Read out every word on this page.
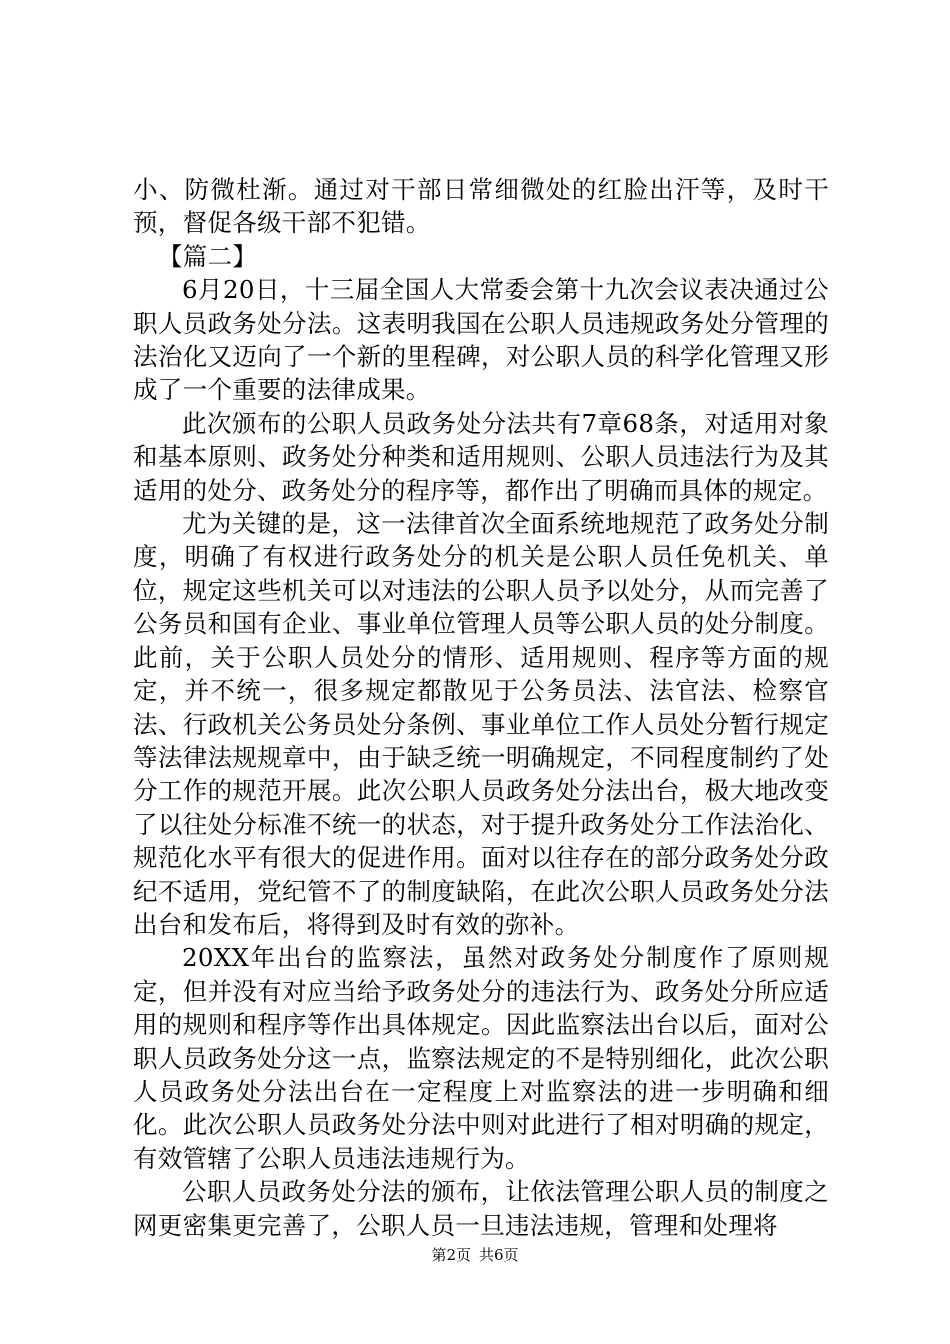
小、防微杜渐。通过对干部日常细微处的红脸出汗等，及时干预，督促各级干部不犯错。

【篇二】

6月20日，十三届全国人大常委会第十九次会议表决通过公职人员政务处分法。这表明我国在公职人员违规政务处分管理的法治化又迈向了一个新的里程碑，对公职人员的科学化管理又形成了一个重要的法律成果。

此次颁布的公职人员政务处分法共有7章68条，对适用对象和基本原则、政务处分种类和适用规则、公职人员违法行为及其适用的处分、政务处分的程序等，都作出了明确而具体的规定。

尤为关键的是，这一法律首次全面系统地规范了政务处分制度，明确了有权进行政务处分的机关是公职人员任免机关、单位，规定这些机关可以对违法的公职人员予以处分，从而完善了公务员和国有企业、事业单位管理人员等公职人员的处分制度。此前，关于公职人员处分的情形、适用规则、程序等方面的规定，并不统一，很多规定都散见于公务员法、法官法、检察官法、行政机关公务员处分条例、事业单位工作人员处分暂行规定等法律法规规章中，由于缺乏统一明确规定，不同程度制约了处分工作的规范开展。此次公职人员政务处分法出台，极大地改变了以往处分标准不统一的状态，对于提升政务处分工作法治化、规范化水平有很大的促进作用。面对以往存在的部分政务处分政纪不适用，党纪管不了的制度缺陷，在此次公职人员政务处分法出台和发布后，将得到及时有效的弥补。

20XX年出台的监察法，虽然对政务处分制度作了原则规定，但并没有对应当给予政务处分的违法行为、政务处分所应适用的规则和程序等作出具体规定。因此监察法出台以后，面对公职人员政务处分这一点，监察法规定的不是特别细化，此次公职人员政务处分法出台在一定程度上对监察法的进一步明确和细化。此次公职人员政务处分法中则对此进行了相对明确的规定，有效管辖了公职人员违法违规行为。

公职人员政务处分法的颁布，让依法管理公职人员的制度之网更密集更完善了，公职人员一旦违法违规，管理和处理将

第2页 共6页
